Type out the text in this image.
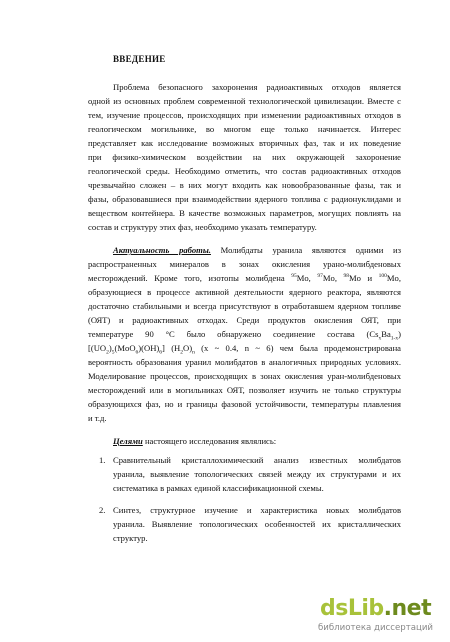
ВВЕДЕНИЕ
Проблема безопасного захоронения радиоактивных отходов является
одной из основных проблем современной технологической цивилизации. Вместе с
тем, изучение процессов, происходящих при изменении радиоактивных отходов в
геологическом могильнике, во многом еще только начинается. Интерес
представляет как исследование возможных вторичных фаз, так и их поведение
при физико-химическом воздействии на них окружающей захоронение
геологической среды. Необходимо отметить, что состав радиоактивных отходов
чрезвычайно сложен – в них могут входить как новообразованные фазы, так и
фазы, образовавшиеся при взаимодействии ядерного топлива с радионуклидами и
веществом контейнера. В качестве возможных параметров, могущих повлиять на
состав и структуру этих фаз, необходимо указать температуру.
Актуальность работы. Молибдаты уранила являются одними из
распространенных минералов в зонах окисления урано-молибденовых
месторождений. Кроме того, изотопы молибдена $^{95}$Mo, $^{97}$Mo, $^{98}$Mo и $^{100}$Mo,
образующиеся в процессе активной деятельности ядерного реактора, являются
достаточно стабильными и всегда присутствуют в отработавшем ядерном топливе
(ОЯТ) и радиоактивных отходах. Среди продуктов окисления ОЯТ, при
температуре 90 °С было обнаружено соединение состава $(Cs_xBa_{1-x})$
$[(UO_2)_5(MoO_6)(OH)_6]$ $(H_2O)_n$ (x ~ 0.4, n ~ 6) чем была продемонстрирована
вероятность образования уранил молибдатов в аналогичных природных условиях.
Моделирование процессов, происходящих в зонах окисления уран-молибденовых
месторождений или в могильниках ОЯТ, позволяет изучить не только структуры
образующихся фаз, но и границы фазовой устойчивости, температуры плавления
и т.д.
Целями настоящего исследования являлись:
1. Сравнительный кристаллохимический анализ известных молибдатов
уранила, выявление топологических связей между их структурами и их
систематика в рамках единой классификационной схемы.
2. Синтез, структурное изучение и характеристика новых молибдатов
уранила. Выявление топологических особенностей их кристаллических
структур.
dsLib.net
библиотека диссертаций
